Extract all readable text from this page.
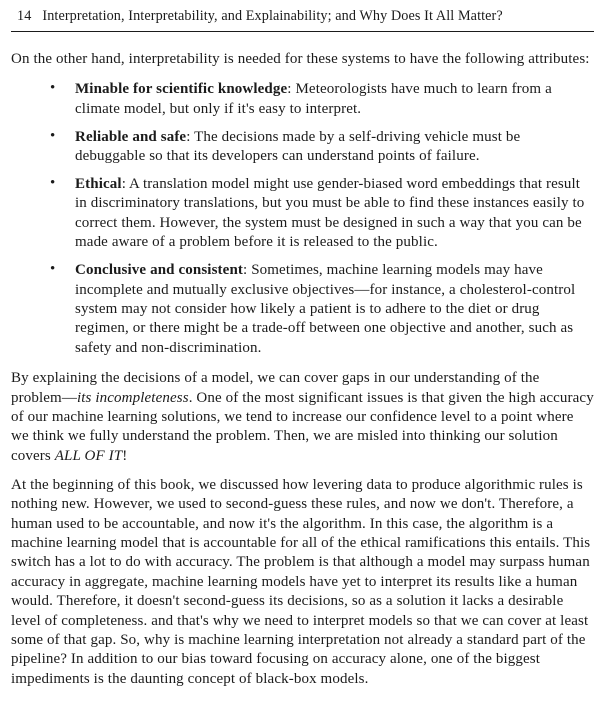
14 Interpretation, Interpretability, and Explainability; and Why Does It All Matter?

On the other hand, interpretability is needed for these systems to have the following attributes:

• Minable for scientific knowledge: Meteorologists have much to learn from a climate model, but only if it's easy to interpret.
• Reliable and safe: The decisions made by a self-driving vehicle must be debuggable so that its developers can understand points of failure.
• Ethical: A translation model might use gender-biased word embeddings that result in discriminatory translations, but you must be able to find these instances easily to correct them. However, the system must be designed in such a way that you can be made aware of a problem before it is released to the public.
• Conclusive and consistent: Sometimes, machine learning models may have incomplete and mutually exclusive objectives—for instance, a cholesterol-control system may not consider how likely a patient is to adhere to the diet or drug regimen, or there might be a trade-off between one objective and another, such as safety and non-discrimination.

By explaining the decisions of a model, we can cover gaps in our understanding of the problem—its incompleteness. One of the most significant issues is that given the high accuracy of our machine learning solutions, we tend to increase our confidence level to a point where we think we fully understand the problem. Then, we are misled into thinking our solution covers ALL OF IT!

At the beginning of this book, we discussed how levering data to produce algorithmic rules is nothing new. However, we used to second-guess these rules, and now we don't. Therefore, a human used to be accountable, and now it's the algorithm. In this case, the algorithm is a machine learning model that is accountable for all of the ethical ramifications this entails. This switch has a lot to do with accuracy. The problem is that although a model may surpass human accuracy in aggregate, machine learning models have yet to interpret its results like a human would. Therefore, it doesn't second-guess its decisions, so as a solution it lacks a desirable level of completeness. and that's why we need to interpret models so that we can cover at least some of that gap. So, why is machine learning interpretation not already a standard part of the pipeline? In addition to our bias toward focusing on accuracy alone, one of the biggest impediments is the daunting concept of black-box models.
